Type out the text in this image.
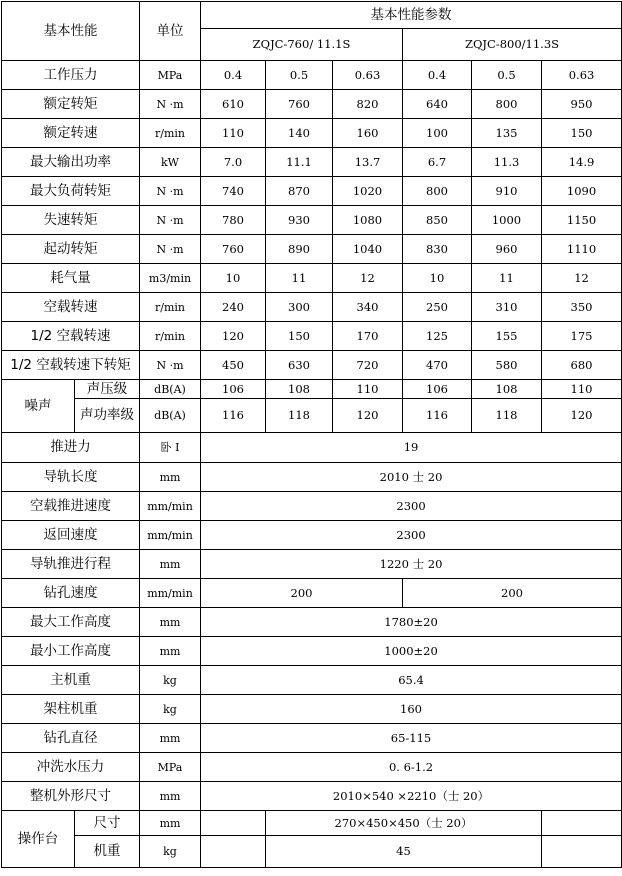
基本性能		单位	基本性能参数					
			ZQJC-760/ 11.1S			ZQJC-800/11.3S		
工作压力		MPa	0.4	0.5	0.63	0.4	0.5	0.63
额定转矩		N ·m	610	760	820	640	800	950
额定转速		r/min	110	140	160	100	135	150
最大输出功率		kW	7.0	11.1	13.7	6.7	11.3	14.9
最大负荷转矩		N ·m	740	870	1020	800	910	1090
失速转矩		N ·m	780	930	1080	850	1000	1150
起动转矩		N ·m	760	890	1040	830	960	1110
耗气量		m3/min	10	11	12	10	11	12
空载转速		r/min	240	300	340	250	310	350
1/2 空载转速		r/min	120	150	170	125	155	175
1/2 空载转速下转矩		N ·m	450	630	720	470	580	680
噪声	声压级	dB(A)	106	108	110	106	108	110
	声功率级	dB(A)	116	118	120	116	118	120
推进力		卧 I	19					
导轨长度		mm	2010 士 20					
空载推进速度		mm/min	2300					
返回速度		mm/min	2300					
导轨推进行程		mm	1220 士 20					
钻孔速度		mm/min	200			200		
最大工作高度		mm	1780±20					
最小工作高度		mm	1000±20					
主机重		kg	65.4					
架柱机重		kg	160					
钻孔直径		mm	65-115					
冲洗水压力		MPa	0. 6-1.2					
整机外形尺寸		mm	2010×540 ×2210（士 20）					
操作台	尺寸	mm		270×450×450（士 20）				
	机重	kg		45				
